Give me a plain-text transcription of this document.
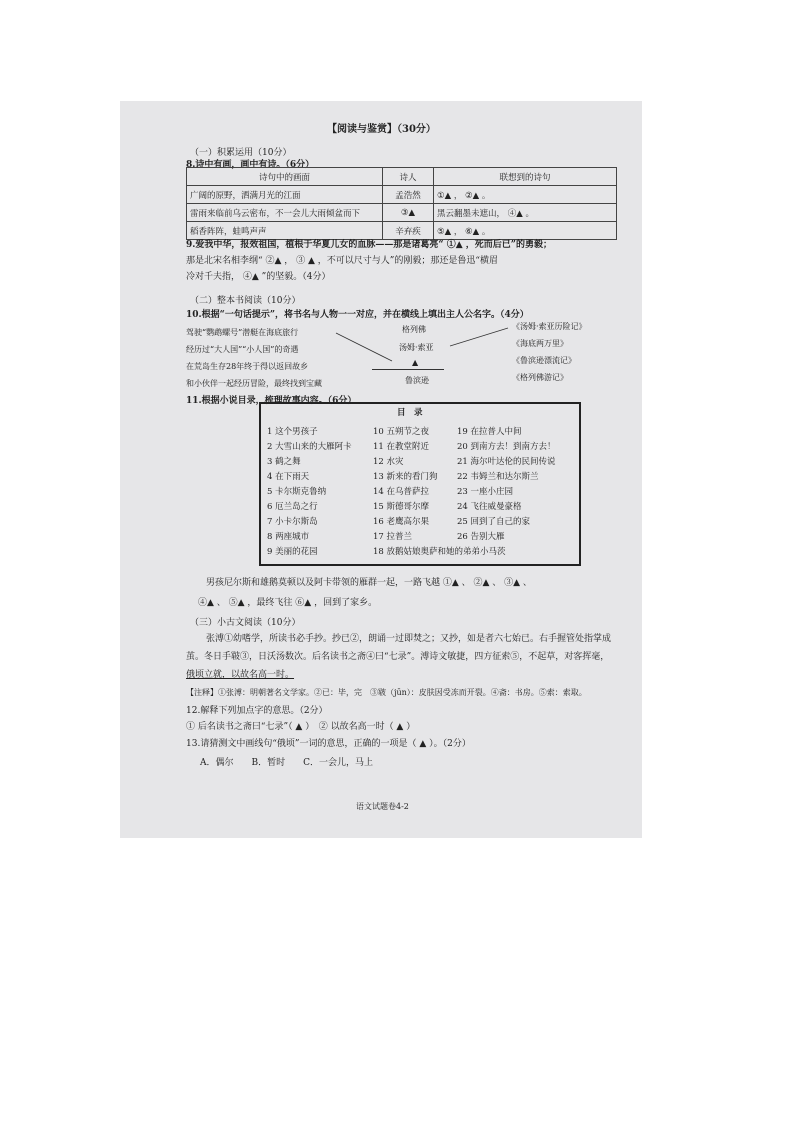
【阅读与鉴赏】（30分）
（一）积累运用（10分）
8.诗中有画，画中有诗。（6分）
诗句中的画面	诗人	联想到的诗句
广阔的原野，洒满月光的江面	孟浩然	①▲ ， ②▲ 。
雷雨来临前乌云密布，不一会儿大雨倾盆而下	③▲	黑云翻墨未遮山， ④▲ 。
稻香阵阵，蛙鸣声声	辛弃疾	⑤▲ ， ⑥▲ 。
9.爱我中华，报效祖国，植根于华夏儿女的血脉——那是诸葛亮“ ①▲ ，死而后已”的勇毅；
那是北宋名相李纲“ ②▲ ， ③ ▲ ，不可以尺寸与人”的刚毅；那还是鲁迅“横眉
冷对千夫指， ④▲ ”的坚毅。（4分）
（二）整本书阅读（10分）
10.根据“一句话提示”，将书名与人物一一对应，并在横线上填出主人公名字。（4分）
驾驶“鹦鹉螺号”潜艇在海底旅行
经历过“大人国”“小人国”的奇遇
在荒岛生存28年终于得以返回故乡
和小伙伴一起经历冒险，最终找到宝藏
格列佛
汤姆·索亚
▲
鲁滨逊
《汤姆·索亚历险记》
《海底两万里》
《鲁滨逊漂流记》
《格列佛游记》
11.根据小说目录，梳理故事内容。（6分）
目　录
1 这个男孩子
2 大雪山来的大雁阿卡
3 鹤之舞
4 在下雨天
5 卡尔斯克鲁纳
6 厄兰岛之行
7 小卡尔斯岛
8 两座城市
9 美丽的花园
10 五朔节之夜
11 在教堂附近
12 水灾
13 新来的看门狗
14 在乌普萨拉
15 斯德哥尔摩
16 老鹰高尔果
17 拉普兰
18 放鹅姑娘奥萨和她的弟弟小马茨
19 在拉普人中间
20 到南方去！到南方去！
21 海尔叶达伦的民间传说
22 韦姆兰和达尔斯兰
23 一座小庄园
24 飞往威曼豪格
25 回到了自己的家
26 告别大雁
男孩尼尔斯和雄鹅莫顿以及阿卡带领的雁群一起，一路飞越 ①▲ 、 ②▲ 、 ③▲ 、
④▲ 、 ⑤▲ ，最终飞往 ⑥▲ ，回到了家乡。
（三）小古文阅读（10分）
张溥①幼嗜学，所读书必手抄。抄已②，朗诵一过即焚之；又抄，如是者六七始已。右手握管处指掌成
茧。冬日手皲③，日沃汤数次。后名读书之斋④曰“七录”。溥诗文敏捷，四方征索⑤，不起草，对客挥毫，
俄顷立就，以故名高一时。
【注释】①张溥：明朝著名文学家。②已：毕，完　③皲（jūn）：皮肤因受冻而开裂。④斋：书房。⑤索：索取。
12.解释下列加点字的意思。（2分）
① 后名读书之斋曰“七录”（ ▲ ）　② 以故名高一时（ ▲ ）
13.请猜测文中画线句“俄顷”一词的意思，正确的一项是（ ▲ ）。（2分）
A．偶尔　　B．暂时　　C．一会儿，马上
语文试题卷4-2
